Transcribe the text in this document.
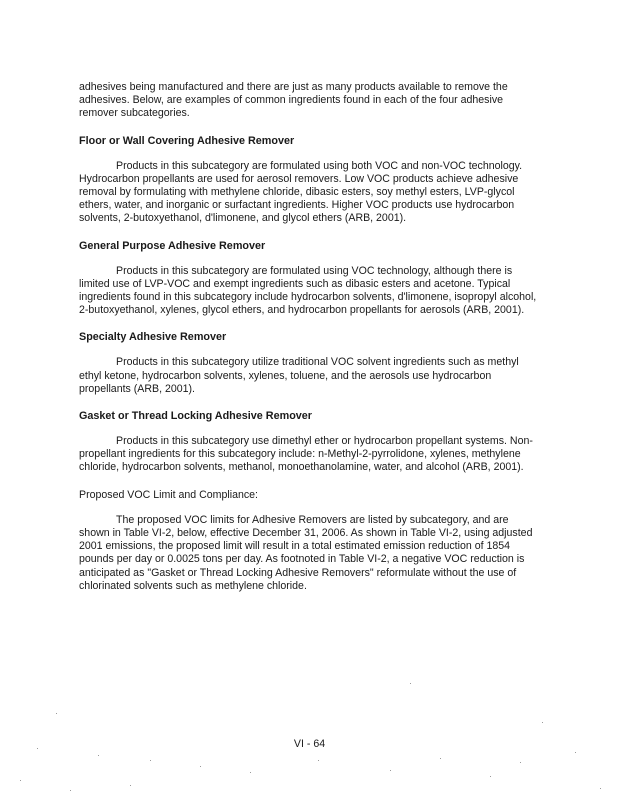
adhesives being manufactured and there are just as many products available to remove the adhesives. Below, are examples of common ingredients found in each of the four adhesive remover subcategories.

Floor or Wall Covering Adhesive Remover

Products in this subcategory are formulated using both VOC and non-VOC technology. Hydrocarbon propellants are used for aerosol removers. Low VOC products achieve adhesive removal by formulating with methylene chloride, dibasic esters, soy methyl esters, LVP-glycol ethers, water, and inorganic or surfactant ingredients. Higher VOC products use hydrocarbon solvents, 2-butoxyethanol, d'limonene, and glycol ethers (ARB, 2001).

General Purpose Adhesive Remover

Products in this subcategory are formulated using VOC technology, although there is limited use of LVP-VOC and exempt ingredients such as dibasic esters and acetone. Typical ingredients found in this subcategory include hydrocarbon solvents, d'limonene, isopropyl alcohol, 2-butoxyethanol, xylenes, glycol ethers, and hydrocarbon propellants for aerosols (ARB, 2001).

Specialty Adhesive Remover

Products in this subcategory utilize traditional VOC solvent ingredients such as methyl ethyl ketone, hydrocarbon solvents, xylenes, toluene, and the aerosols use hydrocarbon propellants (ARB, 2001).

Gasket or Thread Locking Adhesive Remover

Products in this subcategory use dimethyl ether or hydrocarbon propellant systems. Non-propellant ingredients for this subcategory include: n-Methyl-2-pyrrolidone, xylenes, methylene chloride, hydrocarbon solvents, methanol, monoethanolamine, water, and alcohol (ARB, 2001).

Proposed VOC Limit and Compliance:

The proposed VOC limits for Adhesive Removers are listed by subcategory, and are shown in Table VI-2, below, effective December 31, 2006. As shown in Table VI-2, using adjusted 2001 emissions, the proposed limit will result in a total estimated emission reduction of 1854 pounds per day or 0.0025 tons per day. As footnoted in Table VI-2, a negative VOC reduction is anticipated as "Gasket or Thread Locking Adhesive Removers" reformulate without the use of chlorinated solvents such as methylene chloride.

VI - 64
